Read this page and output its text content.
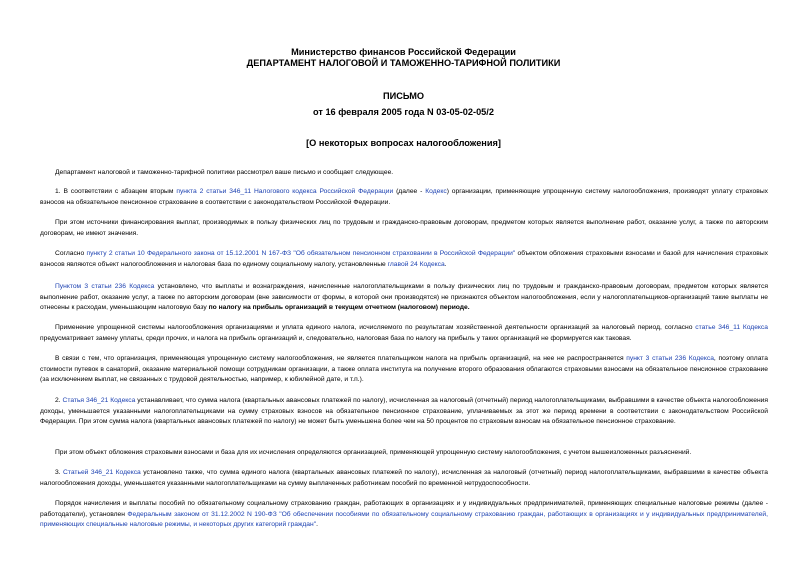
Министерство финансов Российской Федерации
ДЕПАРТАМЕНТ НАЛОГОВОЙ И ТАМОЖЕННО-ТАРИФНОЙ ПОЛИТИКИ
ПИСЬМО
от 16 февраля 2005 года N 03-05-02-05/2
[О некоторых вопросах налогообложения]

Департамент налоговой и таможенно-тарифной политики рассмотрел ваше письмо и сообщает следующее.

1. В соответствии с абзацем вторым пункта 2 статьи 346_11 Налогового кодекса Российской Федерации (далее - Кодекс) организации, применяющие упрощенную систему налогообложения, производят уплату страховых взносов на обязательное пенсионное страхование в соответствии с законодательством Российской Федерации.

При этом источники финансирования выплат, производимых в пользу физических лиц по трудовым и гражданско-правовым договорам, предметом которых является выполнение работ, оказание услуг, а также по авторским договорам, не имеют значения.

Согласно пункту 2 статьи 10 Федерального закона от 15.12.2001 N 167-ФЗ "Об обязательном пенсионном страховании в Российской Федерации" объектом обложения страховыми взносами и базой для начисления страховых взносов являются объект налогообложения и налоговая база по единому социальному налогу, установленные главой 24 Кодекса.

Пунктом 3 статьи 236 Кодекса установлено, что выплаты и вознаграждения, начисленные налогоплательщиками в пользу физических лиц по трудовым и гражданско-правовым договорам, предметом которых является выполнение работ, оказание услуг, а также по авторским договорам (вне зависимости от формы, в которой они производятся) не признаются объектом налогообложения, если у налогоплательщиков-организаций такие выплаты не отнесены к расходам, уменьшающим налоговую базу по налогу на прибыль организаций в текущем отчетном (налоговом) периоде.

Применение упрощенной системы налогообложения организациями и уплата единого налога, исчисляемого по результатам хозяйственной деятельности организаций за налоговый период, согласно статье 346_11 Кодекса предусматривает замену уплаты, среди прочих, и налога на прибыль организаций и, следовательно, налоговая база по налогу на прибыль у таких организаций не формируется как таковая.

В связи с тем, что организация, применяющая упрощенную систему налогообложения, не является плательщиком налога на прибыль организаций, на нее не распространяется пункт 3 статьи 236 Кодекса, поэтому оплата стоимости путевок в санаторий, оказание материальной помощи сотрудникам организации, а также оплата института на получение второго образования облагаются страховыми взносами на обязательное пенсионное страхование (за исключением выплат, не связанных с трудовой деятельностью, например, к юбилейной дате, и т.п.).

2. Статья 346_21 Кодекса устанавливает, что сумма налога (квартальных авансовых платежей по налогу), исчисленная за налоговый (отчетный) период налогоплательщиками, выбравшими в качестве объекта налогообложения доходы, уменьшается указанными налогоплательщиками на сумму страховых взносов на обязательное пенсионное страхование, уплачиваемых за этот же период времени в соответствии с законодательством Российской Федерации. При этом сумма налога (квартальных авансовых платежей по налогу) не может быть уменьшена более чем на 50 процентов по страховым взносам на обязательное пенсионное страхование.

При этом объект обложения страховыми взносами и база для их исчисления определяются организацией, применяющей упрощенную систему налогообложения, с учетом вышеизложенных разъяснений.

3. Статьей 346_21 Кодекса установлено также, что сумма единого налога (квартальных авансовых платежей по налогу), исчисленная за налоговый (отчетный) период налогоплательщиками, выбравшими в качестве объекта налогообложения доходы, уменьшается указанными налогоплательщиками на сумму выплаченных работникам пособий по временной нетрудоспособности.

Порядок начисления и выплаты пособий по обязательному социальному страхованию граждан, работающих в организациях и у индивидуальных предпринимателей, применяющих специальные налоговые режимы (далее - работодатели), установлен Федеральным законом от 31.12.2002 N 190-ФЗ "Об обеспечении пособиями по обязательному социальному страхованию граждан, работающих в организациях и у индивидуальных предпринимателей, применяющих специальные налоговые режимы, и некоторых других категорий граждан".
